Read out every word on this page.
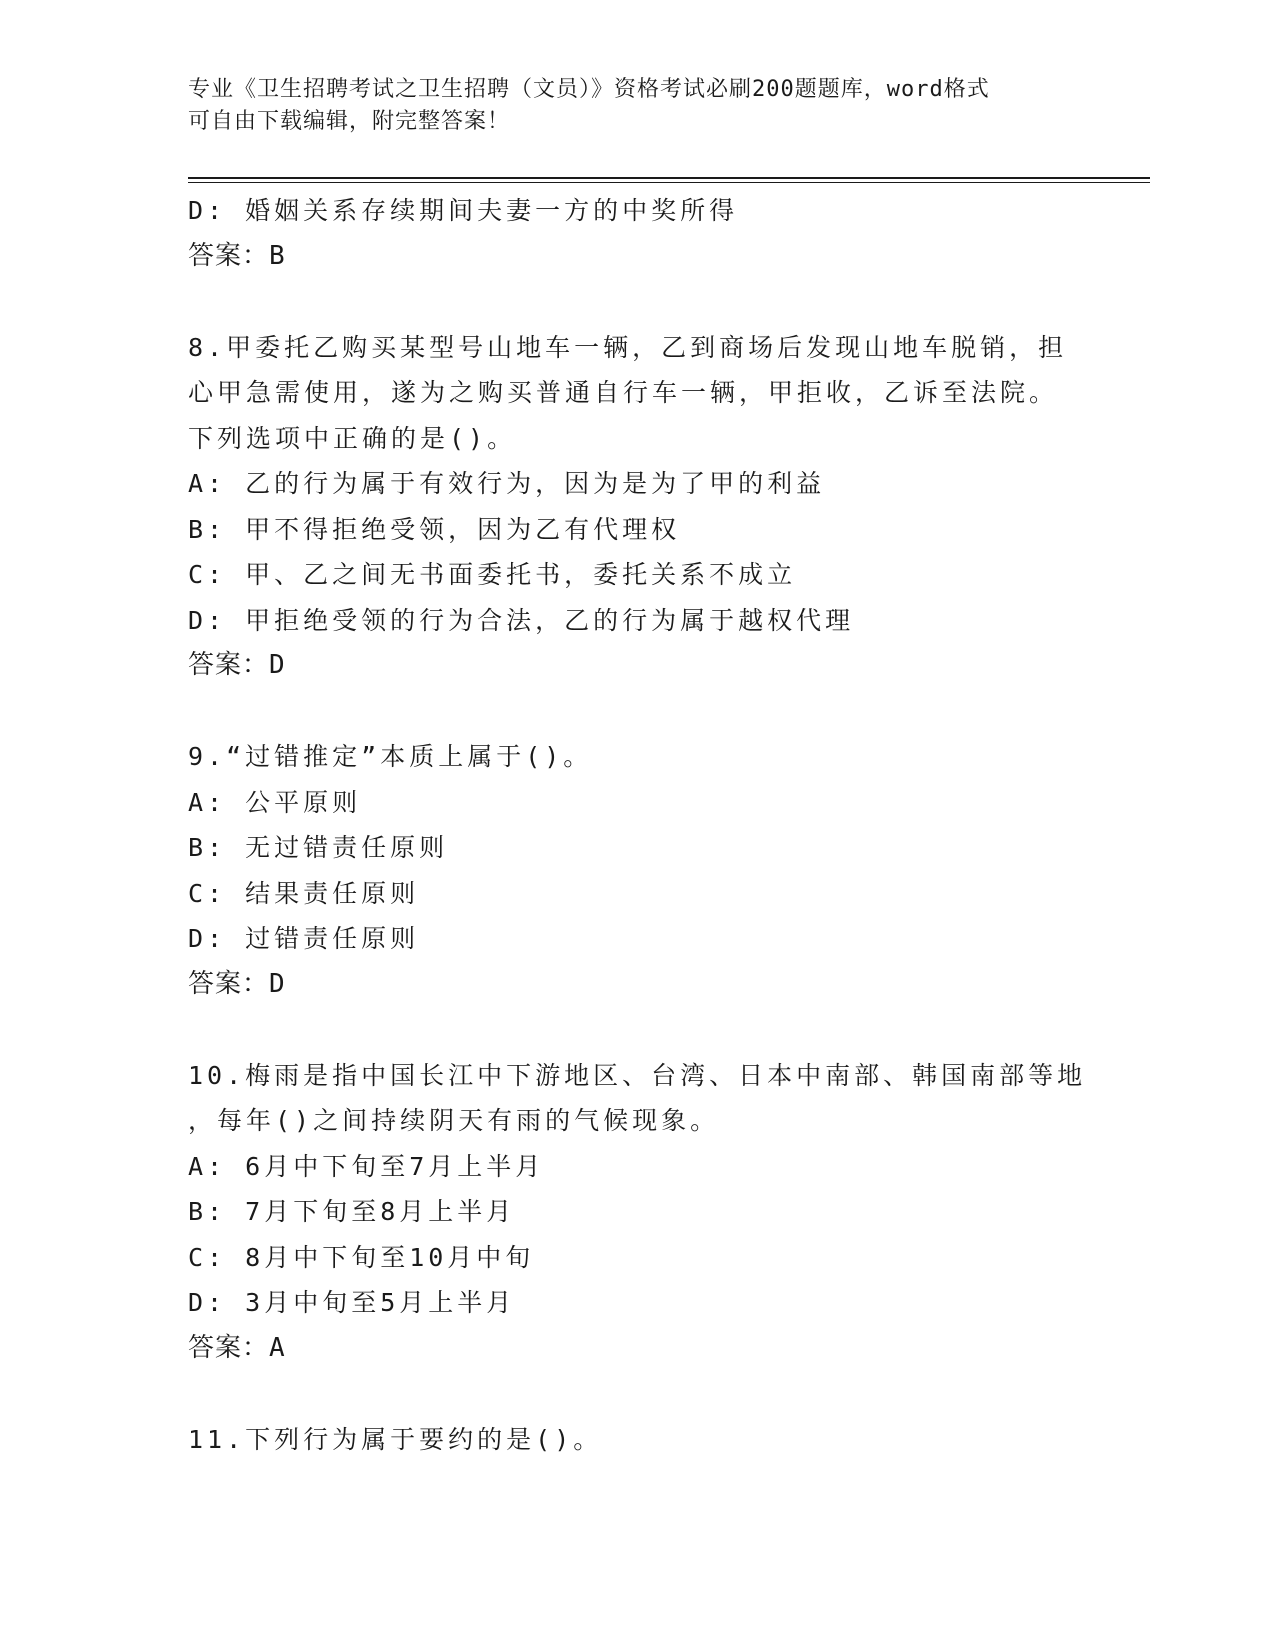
专业《卫生招聘考试之卫生招聘（文员）》资格考试必刷200题题库，word格式
可自由下载编辑，附完整答案！
D: 婚姻关系存续期间夫妻一方的中奖所得
答案：B
8.甲委托乙购买某型号山地车一辆，乙到商场后发现山地车脱销，担
心甲急需使用，遂为之购买普通自行车一辆，甲拒收，乙诉至法院。
下列选项中正确的是()。
A: 乙的行为属于有效行为，因为是为了甲的利益
B: 甲不得拒绝受领，因为乙有代理权
C: 甲、乙之间无书面委托书，委托关系不成立
D: 甲拒绝受领的行为合法，乙的行为属于越权代理
答案：D
9.“过错推定”本质上属于()。
A: 公平原则
B: 无过错责任原则
C: 结果责任原则
D: 过错责任原则
答案：D
10.梅雨是指中国长江中下游地区、台湾、日本中南部、韩国南部等地
，每年()之间持续阴天有雨的气候现象。
A: 6月中下旬至7月上半月
B: 7月下旬至8月上半月
C: 8月中下旬至10月中旬
D: 3月中旬至5月上半月
答案：A
11.下列行为属于要约的是()。
